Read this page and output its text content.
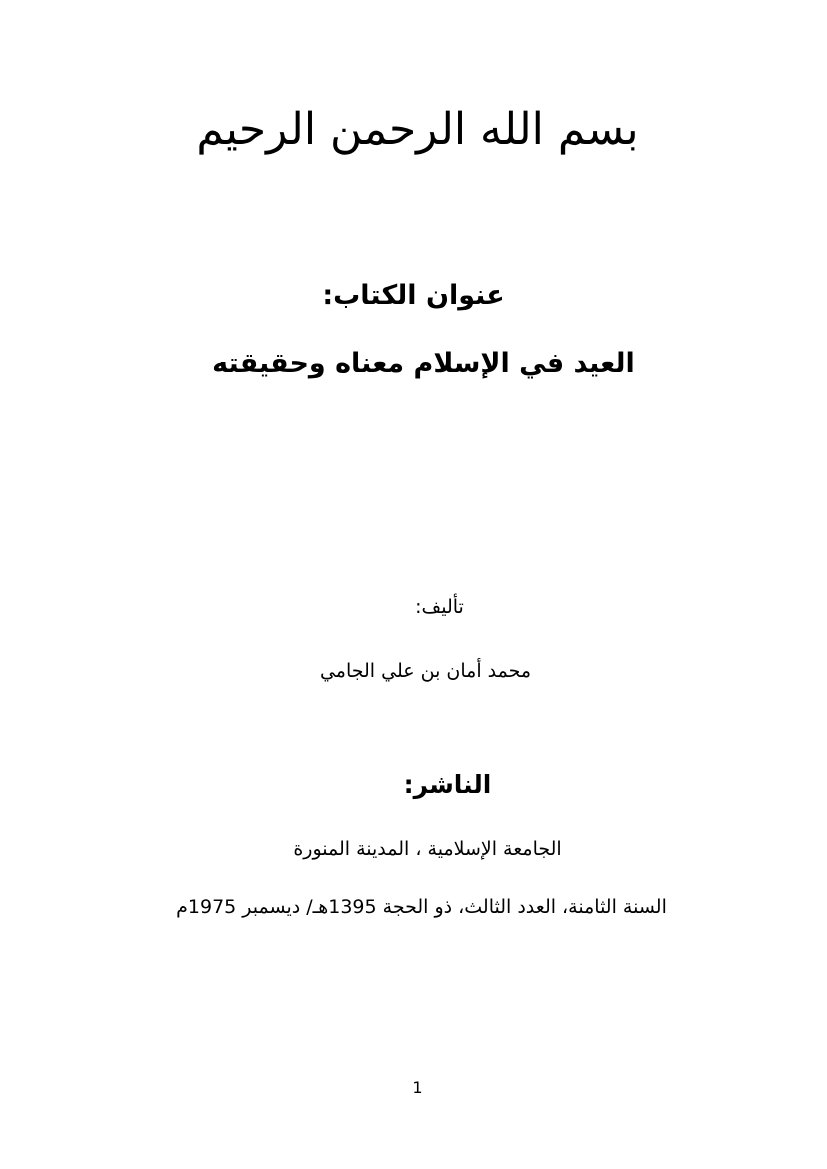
بسم الله الرحمن الرحيم
عنوان الكتاب:
العيد في الإسلام معناه وحقيقته
تأليف:
محمد أمان بن علي الجامي
الناشر:
الجامعة الإسلامية ، المدينة المنورة
السنة الثامنة، العدد الثالث، ذو الحجة 1395هـ/ ديسمبر 1975م
1
